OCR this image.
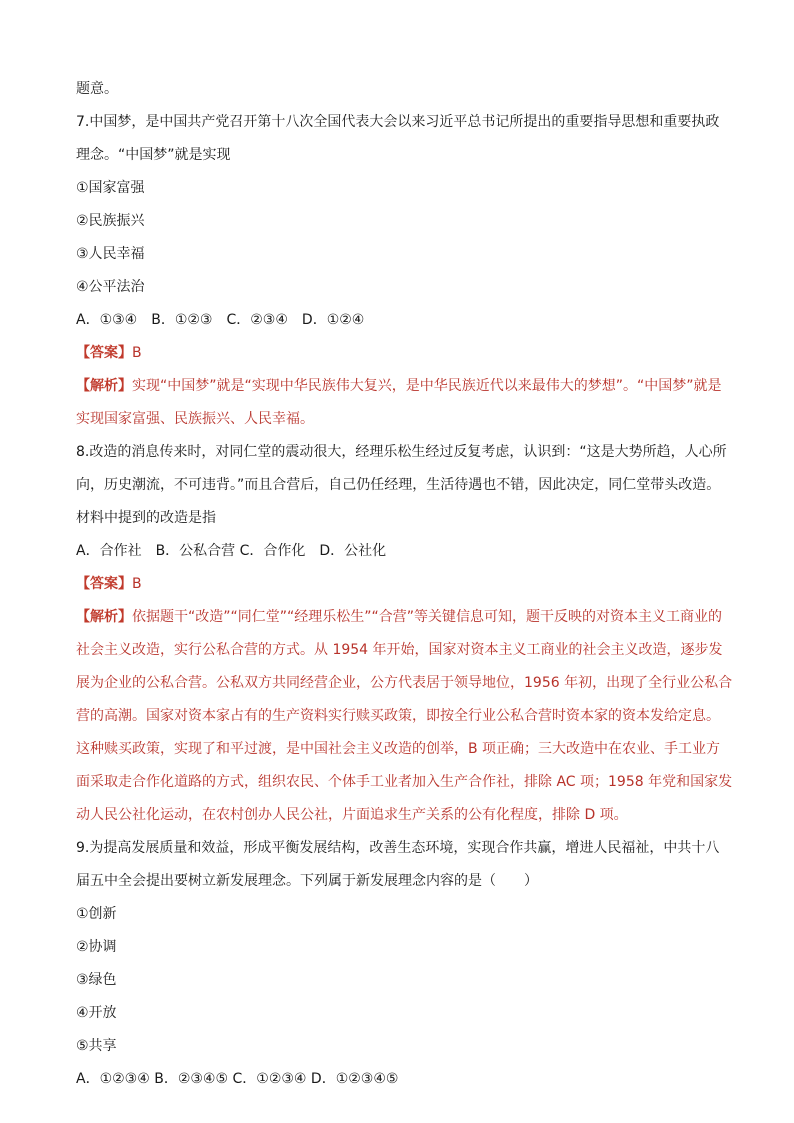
题意。
7.中国梦，是中国共产党召开第十八次全国代表大会以来习近平总书记所提出的重要指导思想和重要执政
理念。“中国梦”就是实现
①国家富强
②民族振兴
③人民幸福
④公平法治
A．①③④　B．①②③　C．②③④　D．①②④
【答案】B
【解析】实现“中国梦”就是“实现中华民族伟大复兴，是中华民族近代以来最伟大的梦想”。“中国梦”就是
实现国家富强、民族振兴、人民幸福。
8.改造的消息传来时，对同仁堂的震动很大，经理乐松生经过反复考虑，认识到：“这是大势所趋，人心所
向，历史潮流，不可违背。”而且合营后，自己仍任经理，生活待遇也不错，因此决定，同仁堂带头改造。
材料中提到的改造是指
A．合作社　B．公私合营 C．合作化　D．公社化
【答案】B
【解析】依据题干“改造”“同仁堂”“经理乐松生”“合营”等关键信息可知，题干反映的对资本主义工商业的
社会主义改造，实行公私合营的方式。从 1954 年开始，国家对资本主义工商业的社会主义改造，逐步发
展为企业的公私合营。公私双方共同经营企业，公方代表居于领导地位，1956 年初，出现了全行业公私合
营的高潮。国家对资本家占有的生产资料实行赎买政策，即按全行业公私合营时资本家的资本发给定息。
这种赎买政策，实现了和平过渡，是中国社会主义改造的创举，B 项正确；三大改造中在农业、手工业方
面采取走合作化道路的方式，组织农民、个体手工业者加入生产合作社，排除 AC 项；1958 年党和国家发
动人民公社化运动，在农村创办人民公社，片面追求生产关系的公有化程度，排除 D 项。
9.为提高发展质量和效益，形成平衡发展结构，改善生态环境，实现合作共赢，增进人民福祉，中共十八
届五中全会提出要树立新发展理念。下列属于新发展理念内容的是（　　）
①创新
②协调
③绿色
④开放
⑤共享
A．①②③④ B．②③④⑤ C．①②③④ D．①②③④⑤
